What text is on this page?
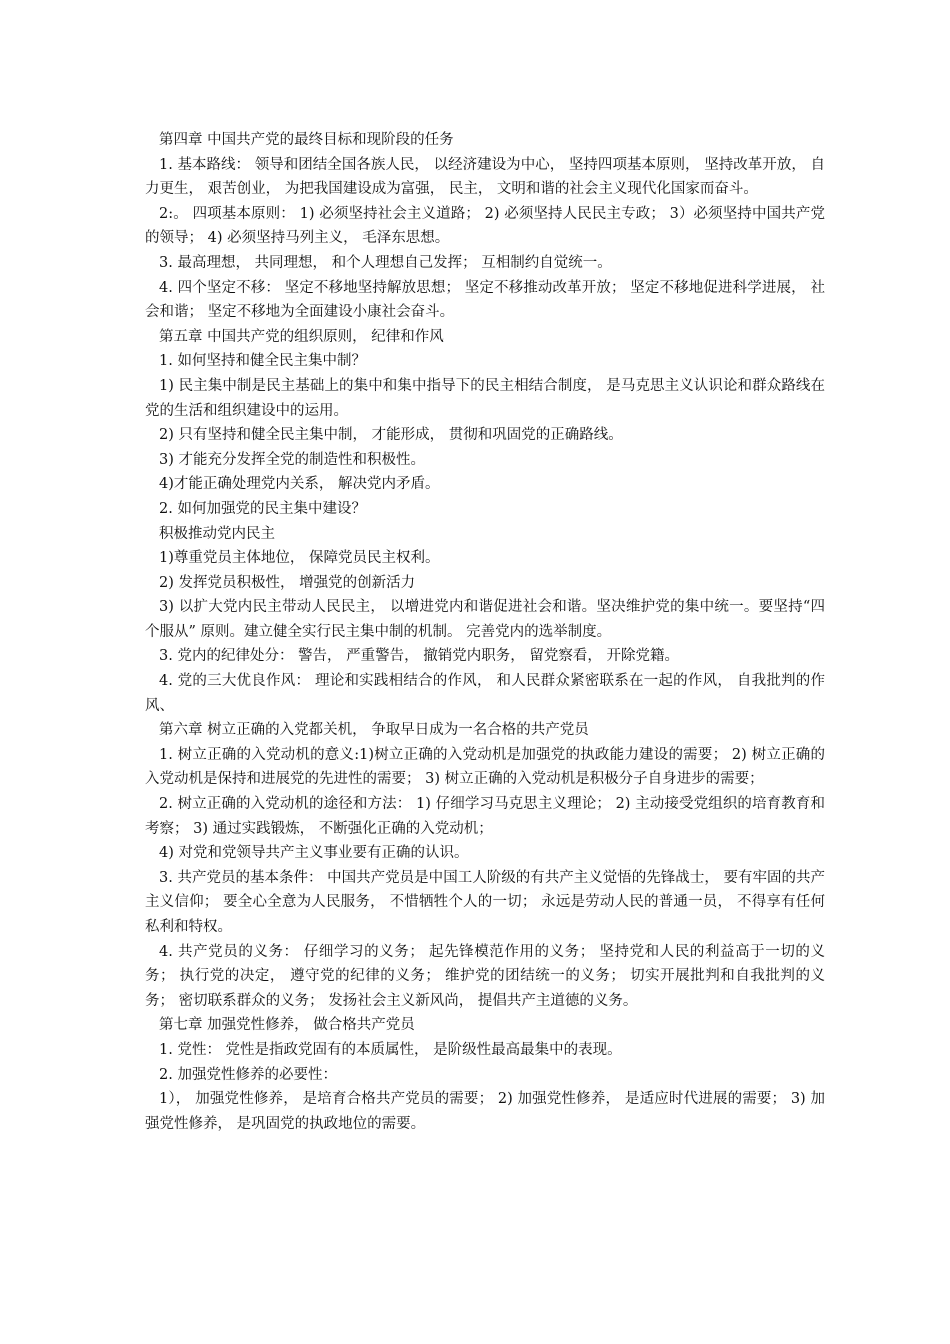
第四章 中国共产党的最终目标和现阶段的任务

1. 基本路线： 领导和团结全国各族人民， 以经济建设为中心， 坚持四项基本原则， 坚持改革开放， 自力更生， 艰苦创业， 为把我国建设成为富强， 民主， 文明和谐的社会主义现代化国家而奋斗。

2:。 四项基本原则： 1) 必须坚持社会主义道路； 2) 必须坚持人民民主专政； 3）必须坚持中国共产党的领导； 4) 必须坚持马列主义， 毛泽东思想。

3. 最高理想， 共同理想， 和个人理想自己发挥； 互相制约自觉统一。

4. 四个坚定不移： 坚定不移地坚持解放思想； 坚定不移推动改革开放； 坚定不移地促进科学进展， 社会和谐； 坚定不移地为全面建设小康社会奋斗。

第五章 中国共产党的组织原则， 纪律和作风

1. 如何坚持和健全民主集中制？

1) 民主集中制是民主基础上的集中和集中指导下的民主相结合制度， 是马克思主义认识论和群众路线在党的生活和组织建设中的运用。

2) 只有坚持和健全民主集中制， 才能形成， 贯彻和巩固党的正确路线。

3) 才能充分发挥全党的制造性和积极性。

4)才能正确处理党内关系， 解决党内矛盾。

2. 如何加强党的民主集中建设？

积极推动党内民主

1)尊重党员主体地位， 保障党员民主权利。

2) 发挥党员积极性， 增强党的创新活力

3) 以扩大党内民主带动人民民主， 以增进党内和谐促进社会和谐。坚决维护党的集中统一。要坚持“四个服从” 原则。建立健全实行民主集中制的机制。 完善党内的选举制度。

3. 党内的纪律处分： 警告， 严重警告， 撤销党内职务， 留党察看， 开除党籍。

4. 党的三大优良作风： 理论和实践相结合的作风， 和人民群众紧密联系在一起的作风， 自我批判的作风、

第六章 树立正确的入党都关机， 争取早日成为一名合格的共产党员

1. 树立正确的入党动机的意义:1)树立正确的入党动机是加强党的执政能力建设的需要； 2) 树立正确的入党动机是保持和进展党的先进性的需要； 3) 树立正确的入党动机是积极分子自身进步的需要；

2. 树立正确的入党动机的途径和方法： 1) 仔细学习马克思主义理论； 2) 主动接受党组织的培育教育和考察； 3) 通过实践锻炼， 不断强化正确的入党动机；

4) 对党和党领导共产主义事业要有正确的认识。

3. 共产党员的基本条件： 中国共产党员是中国工人阶级的有共产主义觉悟的先锋战士， 要有牢固的共产主义信仰； 要全心全意为人民服务， 不惜牺牲个人的一切； 永远是劳动人民的普通一员， 不得享有任何私利和特权。

4. 共产党员的义务： 仔细学习的义务； 起先锋模范作用的义务； 坚持党和人民的利益高于一切的义务； 执行党的决定， 遵守党的纪律的义务； 维护党的团结统一的义务； 切实开展批判和自我批判的义务； 密切联系群众的义务； 发扬社会主义新风尚， 提倡共产主道德的义务。

第七章 加强党性修养， 做合格共产党员

1. 党性： 党性是指政党固有的本质属性， 是阶级性最高最集中的表现。

2. 加强党性修养的必要性：

1）， 加强党性修养， 是培育合格共产党员的需要； 2) 加强党性修养， 是适应时代进展的需要； 3) 加强党性修养， 是巩固党的执政地位的需要。
